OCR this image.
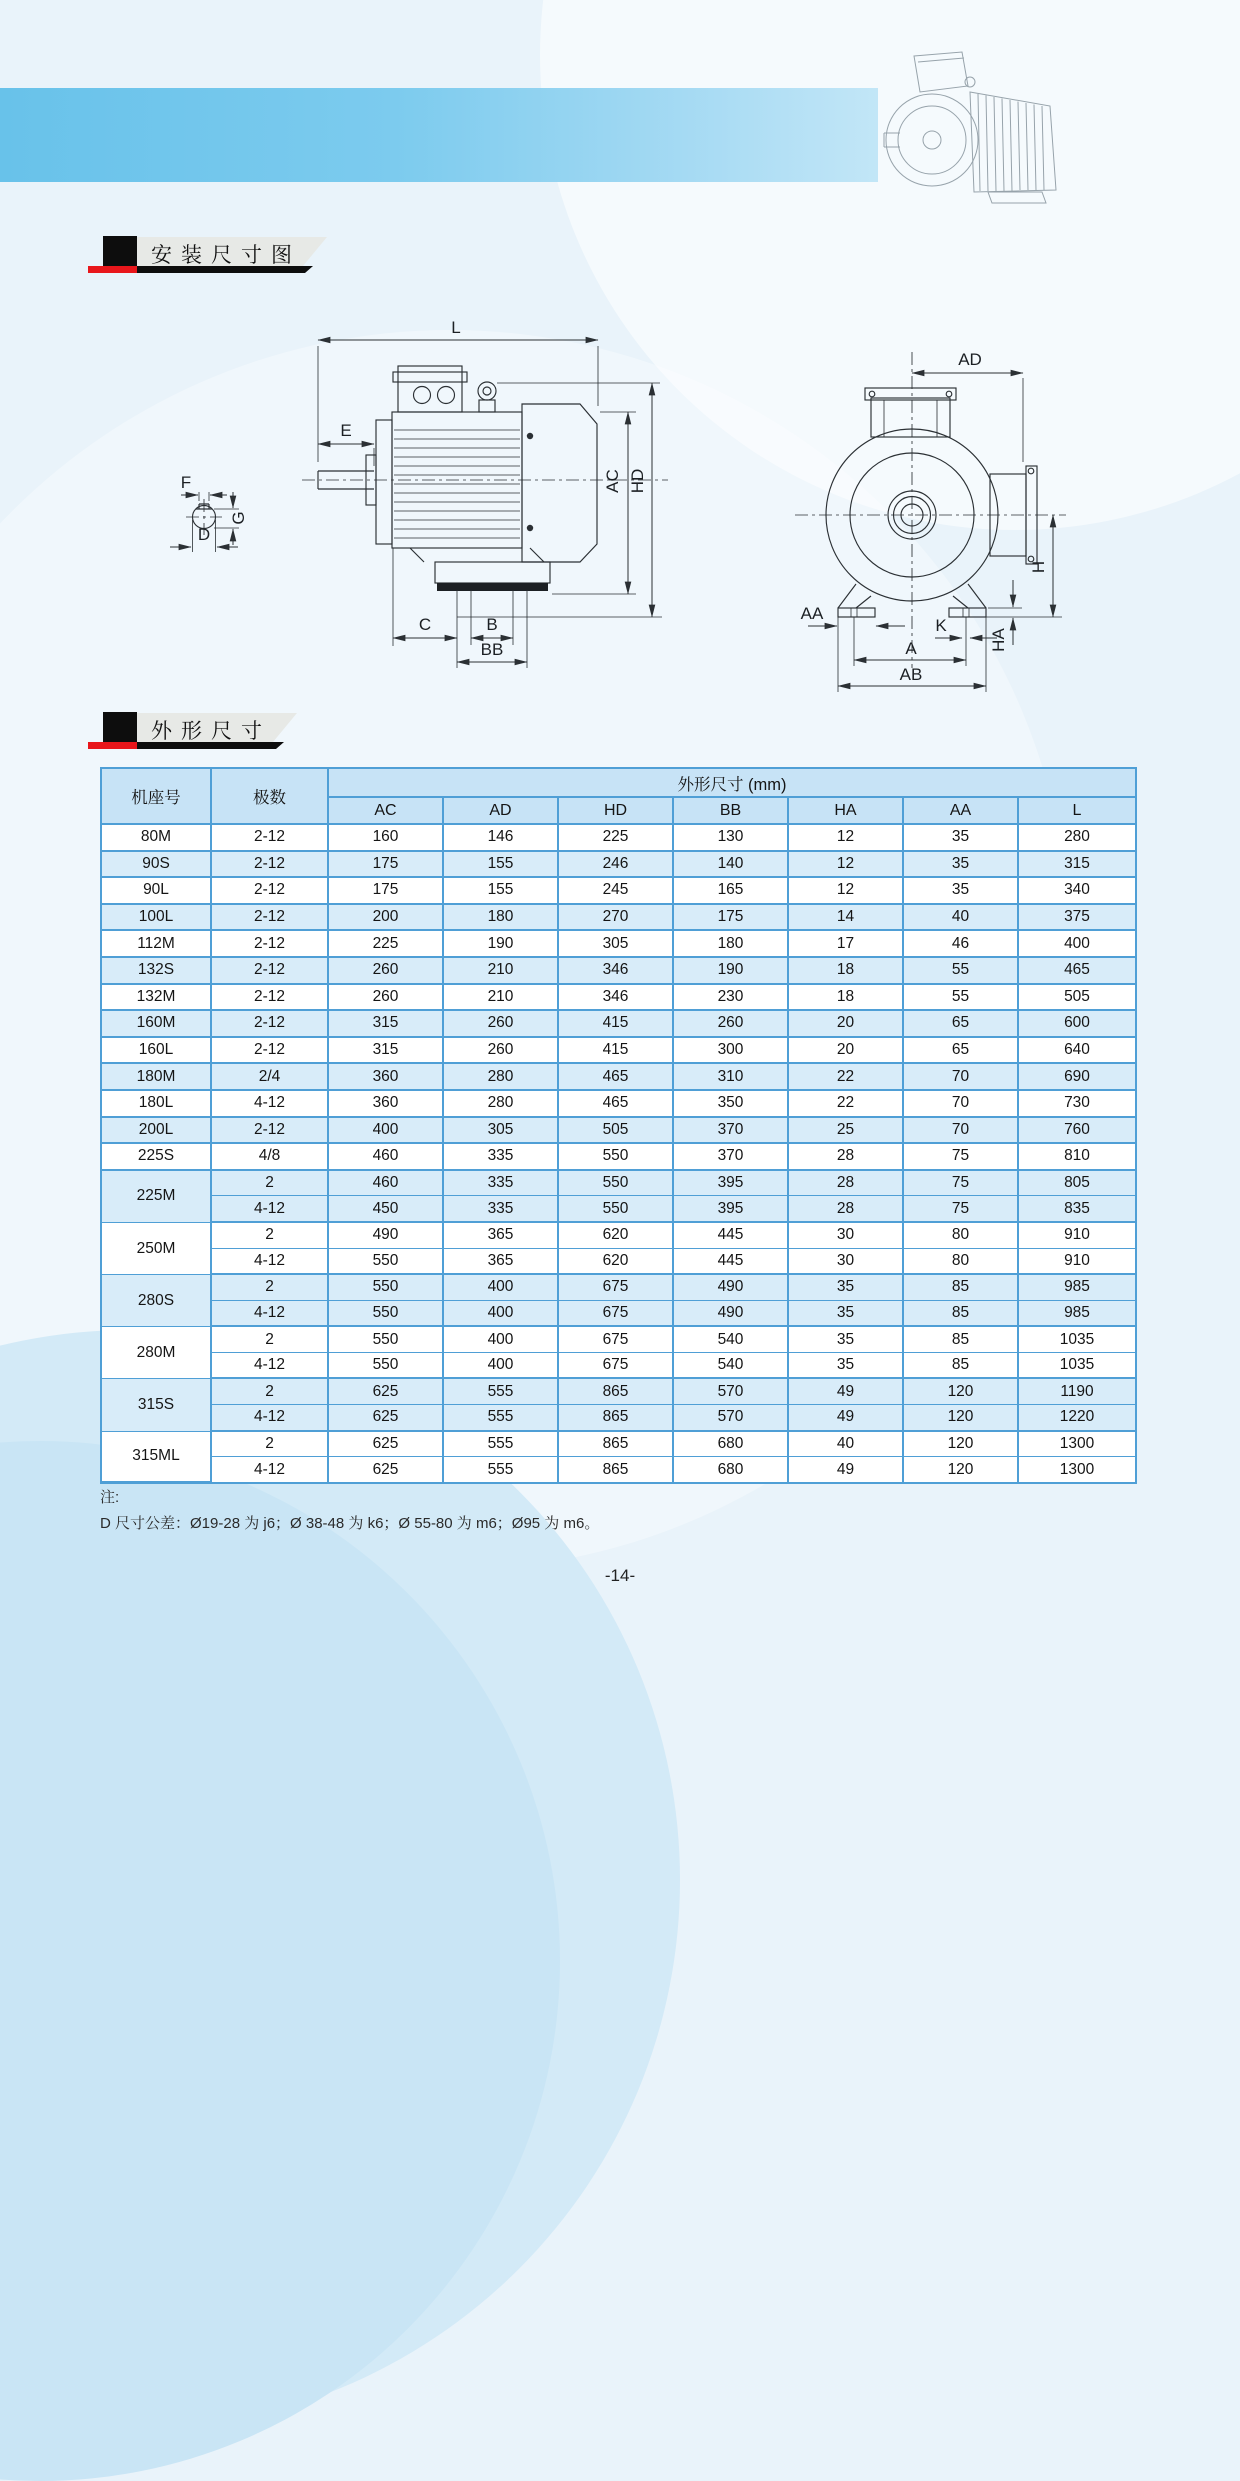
安装尺寸图
F
G
D
L
E
C	B
BB
AC HD
AD
AA
K
A
AB
H
HA
外形尺寸
机座号	极数	外形尺寸 (mm)						
		AC	AD	HD	BB	HA	AA	L
80M	2-12	160	146	225	130	12	35	280
90S	2-12	175	155	246	140	12	35	315
90L	2-12	175	155	245	165	12	35	340
100L	2-12	200	180	270	175	14	40	375
112M	2-12	225	190	305	180	17	46	400
132S	2-12	260	210	346	190	18	55	465
132M	2-12	260	210	346	230	18	55	505
160M	2-12	315	260	415	260	20	65	600
160L	2-12	315	260	415	300	20	65	640
180M	2/4	360	280	465	310	22	70	690
180L	4-12	360	280	465	350	22	70	730
200L	2-12	400	305	505	370	25	70	760
225S	4/8	460	335	550	370	28	75	810
225M	2	460	335	550	395	28	75	805
	4-12	450	335	550	395	28	75	835
250M	2	490	365	620	445	30	80	910
	4-12	550	365	620	445	30	80	910
280S	2	550	400	675	490	35	85	985
	4-12	550	400	675	490	35	85	985
280M	2	550	400	675	540	35	85	1035
	4-12	550	400	675	540	35	85	1035
315S	2	625	555	865	570	49	120	1190
	4-12	625	555	865	570	49	120	1220
315ML	2	625	555	865	680	40	120	1300
	4-12	625	555	865	680	49	120	1300
注:
D 尺寸公差：Ø19-28 为 j6；Ø 38-48 为 k6；Ø 55-80 为 m6；Ø95 为 m6。
-14-
